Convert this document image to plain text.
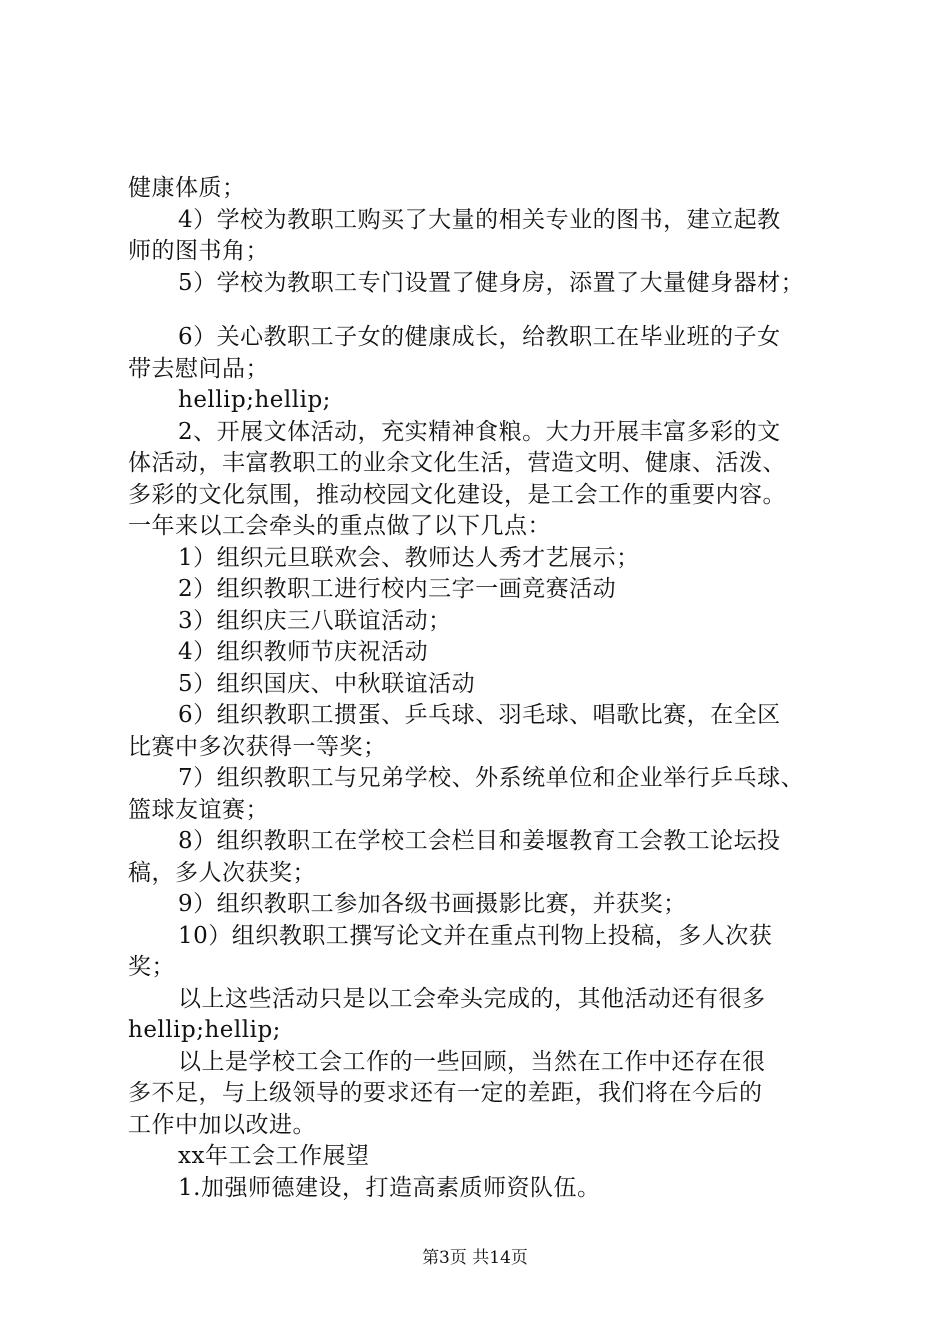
健康体质；
4）学校为教职工购买了大量的相关专业的图书，建立起教
师的图书角；
5）学校为教职工专门设置了健身房，添置了大量健身器材；
6）关心教职工子女的健康成长，给教职工在毕业班的子女
带去慰问品；
hellip;hellip;
2、开展文体活动，充实精神食粮。大力开展丰富多彩的文
体活动，丰富教职工的业余文化生活，营造文明、健康、活泼、
多彩的文化氛围，推动校园文化建设，是工会工作的重要内容。
一年来以工会牵头的重点做了以下几点：
1）组织元旦联欢会、教师达人秀才艺展示；
2）组织教职工进行校内三字一画竞赛活动
3）组织庆三八联谊活动；
4）组织教师节庆祝活动
5）组织国庆、中秋联谊活动
6）组织教职工掼蛋、乒乓球、羽毛球、唱歌比赛，在全区
比赛中多次获得一等奖；
7）组织教职工与兄弟学校、外系统单位和企业举行乒乓球、
篮球友谊赛；
8）组织教职工在学校工会栏目和姜堰教育工会教工论坛投
稿，多人次获奖；
9）组织教职工参加各级书画摄影比赛，并获奖；
10）组织教职工撰写论文并在重点刊物上投稿，多人次获
奖；
以上这些活动只是以工会牵头完成的，其他活动还有很多
hellip;hellip;
以上是学校工会工作的一些回顾，当然在工作中还存在很
多不足，与上级领导的要求还有一定的差距，我们将在今后的
工作中加以改进。
xx年工会工作展望
1.加强师德建设，打造高素质师资队伍。
第3页 共14页
